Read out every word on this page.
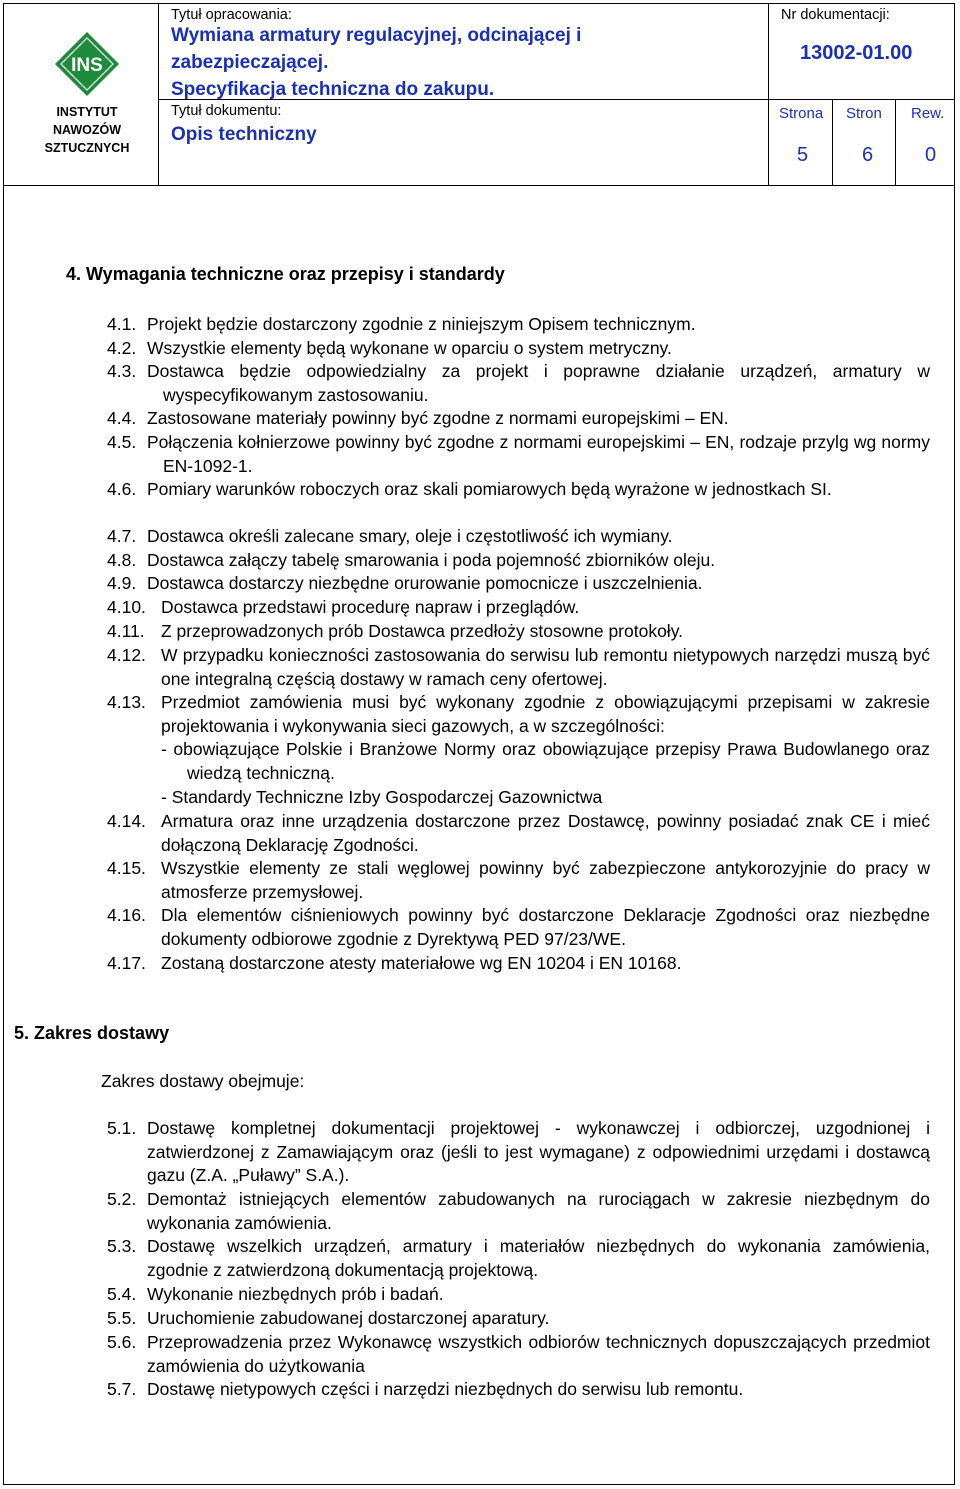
INS
INSTYTUT
NAWOZÓW
SZTUCZNYCH
Tytuł opracowania:
Wymiana armatury regulacyjnej, odcinającej i
zabezpieczającej.
Specyfikacja techniczna do zakupu.
Tytuł dokumentu:
Opis techniczny
Nr dokumentacji:
13002-01.00
Strona Stron Rew.
5	6	0
4. Wymagania techniczne oraz przepisy i standardy
4.1. Projekt będzie dostarczony zgodnie z niniejszym Opisem technicznym.
4.2. Wszystkie elementy będą wykonane w oparciu o system metryczny.
4.3. Dostawca będzie odpowiedzialny za projekt i poprawne działanie urządzeń, armatury w wyspecyfikowanym zastosowaniu.
4.4. Zastosowane materiały powinny być zgodne z normami europejskimi – EN.
4.5. Połączenia kołnierzowe powinny być zgodne z normami europejskimi – EN, rodzaje przylg wg normy EN-1092-1.
4.6. Pomiary warunków roboczych oraz skali pomiarowych będą wyrażone w jednostkach SI.
4.7. Dostawca określi zalecane smary, oleje i częstotliwość ich wymiany.
4.8. Dostawca załączy tabelę smarowania i poda pojemność zbiorników oleju.
4.9. Dostawca dostarczy niezbędne orurowanie pomocnicze i uszczelnienia.
4.10. Dostawca przedstawi procedurę napraw i przeglądów.
4.11. Z przeprowadzonych prób Dostawca przedłoży stosowne protokoły.
4.12. W przypadku konieczności zastosowania do serwisu lub remontu nietypowych narzędzi muszą być one integralną częścią dostawy w ramach ceny ofertowej.
4.13. Przedmiot zamówienia musi być wykonany zgodnie z obowiązującymi przepisami w zakresie projektowania i wykonywania sieci gazowych, a w szczególności:
- obowiązujące Polskie i Branżowe Normy oraz obowiązujące przepisy Prawa Budowlanego oraz wiedzą techniczną.
- Standardy Techniczne Izby Gospodarczej Gazownictwa
4.14. Armatura oraz inne urządzenia dostarczone przez Dostawcę, powinny posiadać znak CE i mieć dołączoną Deklarację Zgodności.
4.15. Wszystkie elementy ze stali węglowej powinny być zabezpieczone antykorozyjnie do pracy w atmosferze przemysłowej.
4.16. Dla elementów ciśnieniowych powinny być dostarczone Deklaracje Zgodności oraz niezbędne dokumenty odbiorowe zgodnie z Dyrektywą PED 97/23/WE.
4.17. Zostaną dostarczone atesty materiałowe wg EN 10204 i EN 10168.
5. Zakres dostawy
Zakres dostawy obejmuje:
5.1. Dostawę kompletnej dokumentacji projektowej - wykonawczej i odbiorczej, uzgodnionej i zatwierdzonej z Zamawiającym oraz (jeśli to jest wymagane) z odpowiednimi urzędami i dostawcą gazu (Z.A. „Puławy” S.A.).
5.2. Demontaż istniejących elementów zabudowanych na rurociągach w zakresie niezbędnym do wykonania zamówienia.
5.3. Dostawę wszelkich urządzeń, armatury i materiałów niezbędnych do wykonania zamówienia, zgodnie z zatwierdzoną dokumentacją projektową.
5.4. Wykonanie niezbędnych prób i badań.
5.5. Uruchomienie zabudowanej dostarczonej aparatury.
5.6. Przeprowadzenia przez Wykonawcę wszystkich odbiorów technicznych dopuszczających przedmiot zamówienia do użytkowania
5.7. Dostawę nietypowych części i narzędzi niezbędnych do serwisu lub remontu.
